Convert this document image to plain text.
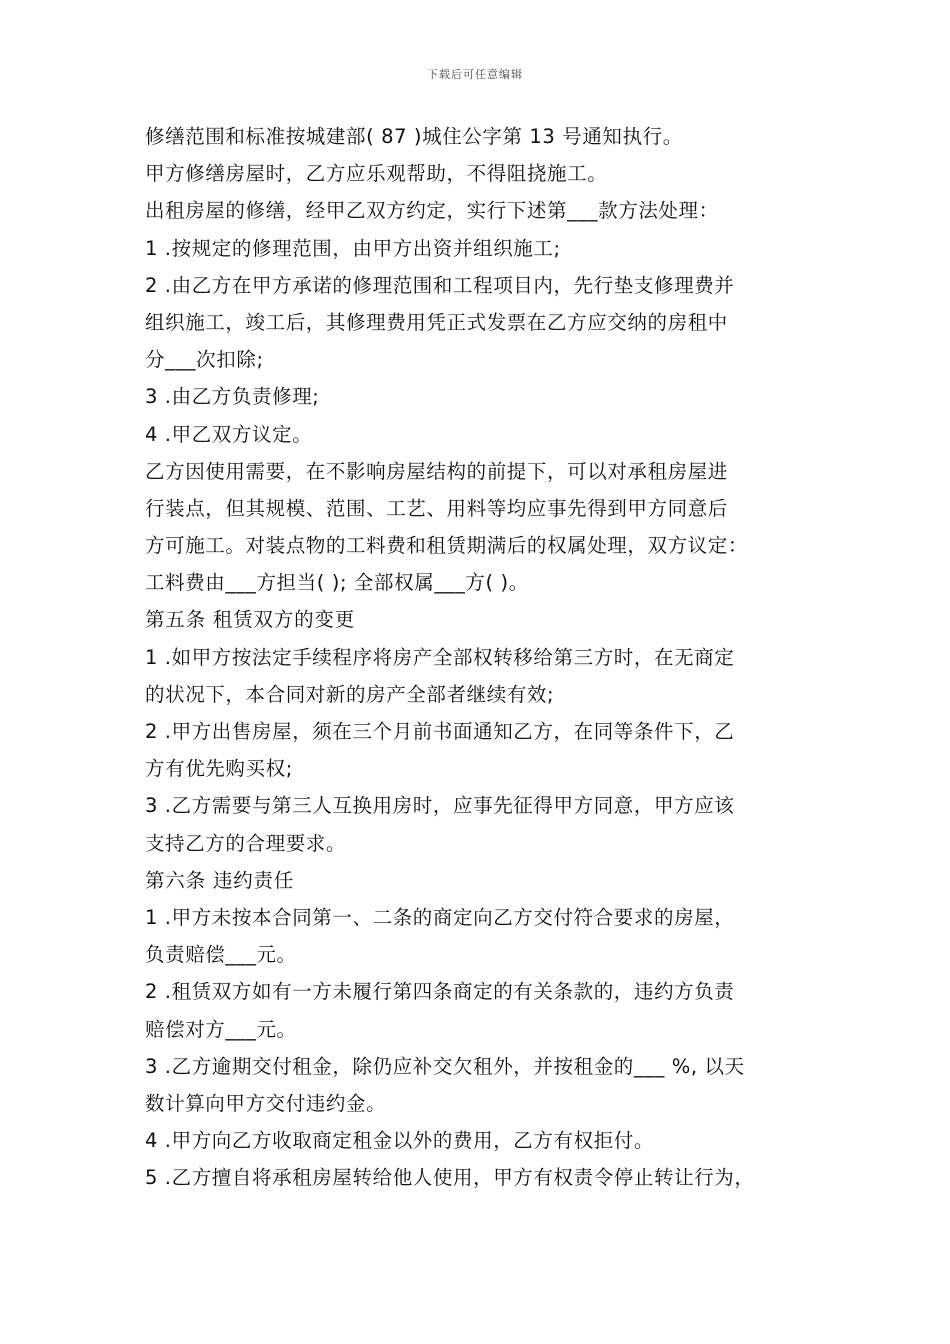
下载后可任意编辑
修缮范围和标准按城建部( 87 )城住公字第 13 号通知执行。
甲方修缮房屋时，乙方应乐观帮助，不得阻挠施工。
出租房屋的修缮，经甲乙双方约定，实行下述第___款方法处理：
1 .按规定的修理范围，由甲方出资并组织施工;
2 .由乙方在甲方承诺的修理范围和工程项目内，先行垫支修理费并
组织施工，竣工后，其修理费用凭正式发票在乙方应交纳的房租中
分___次扣除;
3 .由乙方负责修理;
4 .甲乙双方议定。
乙方因使用需要，在不影响房屋结构的前提下，可以对承租房屋进
行装点，但其规模、范围、工艺、用料等均应事先得到甲方同意后
方可施工。对装点物的工料费和租赁期满后的权属处理，双方议定：
工料费由___方担当( ); 全部权属___方( )。
第五条 租赁双方的变更
1 .如甲方按法定手续程序将房产全部权转移给第三方时，在无商定
的状况下，本合同对新的房产全部者继续有效;
2 .甲方出售房屋，须在三个月前书面通知乙方，在同等条件下，乙
方有优先购买权;
3 .乙方需要与第三人互换用房时，应事先征得甲方同意，甲方应该
支持乙方的合理要求。
第六条 违约责任
1 .甲方未按本合同第一、二条的商定向乙方交付符合要求的房屋，
负责赔偿___元。
2 .租赁双方如有一方未履行第四条商定的有关条款的，违约方负责
赔偿对方___元。
3 .乙方逾期交付租金，除仍应补交欠租外，并按租金的___ %, 以天
数计算向甲方交付违约金。
4 .甲方向乙方收取商定租金以外的费用，乙方有权拒付。
5 .乙方擅自将承租房屋转给他人使用，甲方有权责令停止转让行为，
